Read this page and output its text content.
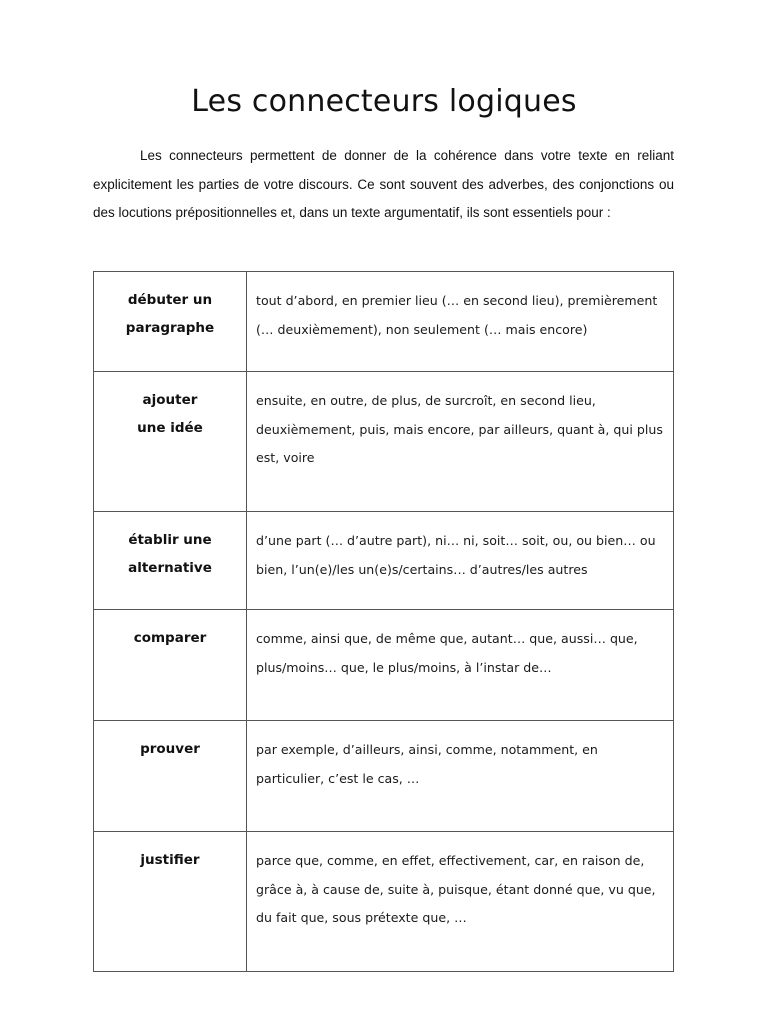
Les connecteurs logiques

Les connecteurs permettent de donner de la cohérence dans votre texte en reliant explicitement les parties de votre discours. Ce sont souvent des adverbes, des conjonctions ou des locutions prépositionnelles et, dans un texte argumentatif, ils sont essentiels pour :

débuter un
paragraphe	tout d’abord, en premier lieu (… en second lieu), premièrement (… deuxièmement), non seulement (… mais encore)

ajouter
une idée	ensuite, en outre, de plus, de surcroît, en second lieu, deuxièmement, puis, mais encore, par ailleurs, quant à, qui plus est, voire

établir une
alternative	d’une part (… d’autre part), ni… ni, soit… soit, ou, ou bien… ou bien, l’un(e)/les un(e)s/certains… d’autres/les autres

comparer	comme, ainsi que, de même que, autant… que, aussi… que, plus/moins… que, le plus/moins, à l’instar de…

prouver	par exemple, d’ailleurs, ainsi, comme, notamment, en particulier, c’est le cas, …

justifier	parce que, comme, en effet, effectivement, car, en raison de, grâce à, à cause de, suite à, puisque, étant donné que, vu que, du fait que, sous prétexte que, …
